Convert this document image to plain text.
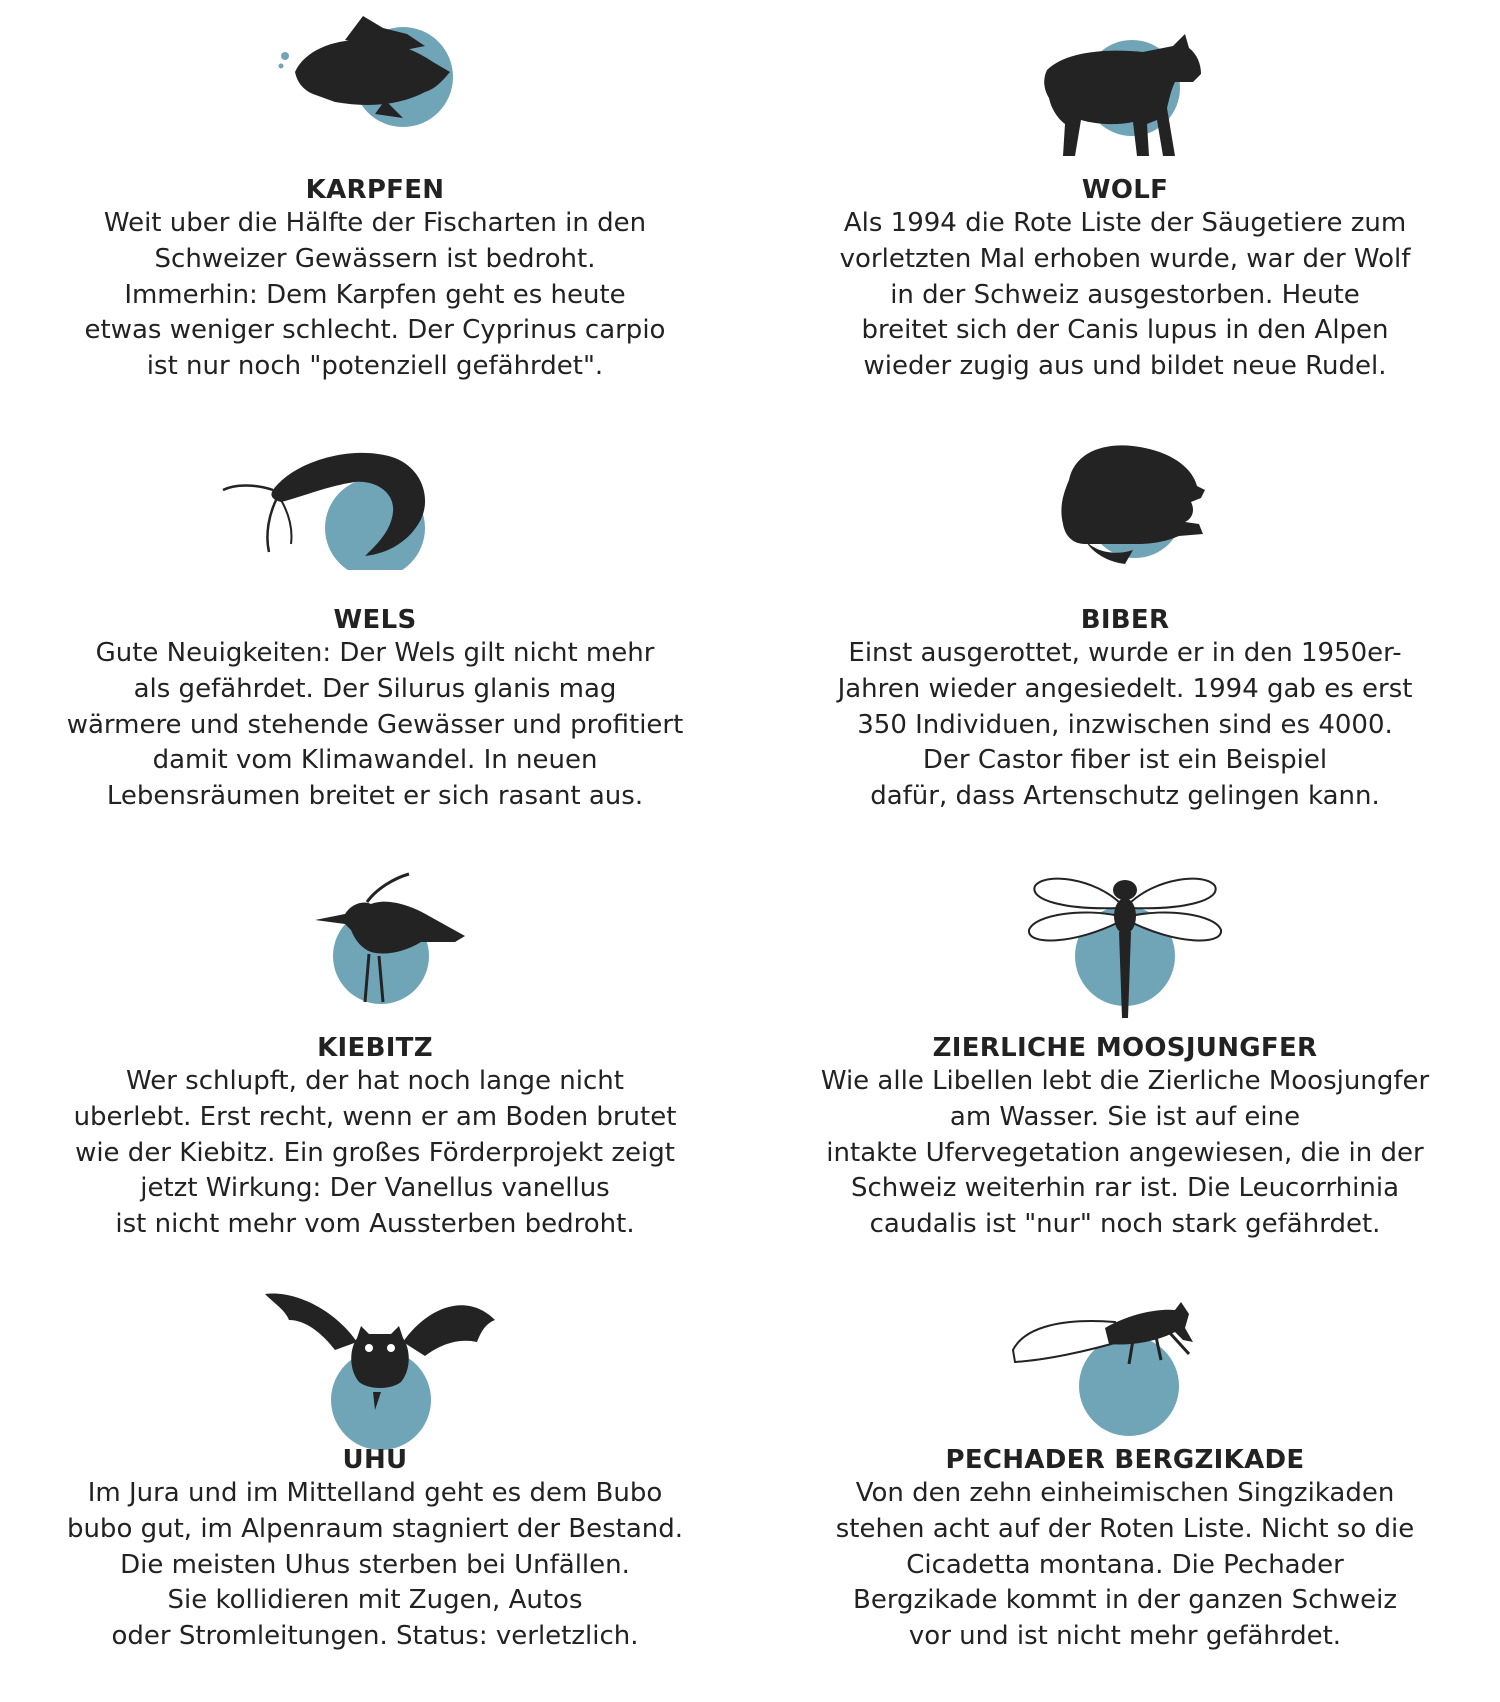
KARPFEN
Weit uber die Hälfte der Fischarten in den
Schweizer Gewässern ist bedroht.
Immerhin: Dem Karpfen geht es heute
etwas weniger schlecht. Der Cyprinus carpio
ist nur noch "potenziell gefährdet".
WOLF
Als 1994 die Rote Liste der Säugetiere zum
vorletzten Mal erhoben wurde, war der Wolf
in der Schweiz ausgestorben. Heute
breitet sich der Canis lupus in den Alpen
wieder zugig aus und bildet neue Rudel.
WELS
Gute Neuigkeiten: Der Wels gilt nicht mehr
als gefährdet. Der Silurus glanis mag
wärmere und stehende Gewässer und profitiert
damit vom Klimawandel. In neuen
Lebensräumen breitet er sich rasant aus.
BIBER
Einst ausgerottet, wurde er in den 1950er-
Jahren wieder angesiedelt. 1994 gab es erst
350 Individuen, inzwischen sind es 4000.
Der Castor fiber ist ein Beispiel
dafür, dass Artenschutz gelingen kann.
KIEBITZ
Wer schlupft, der hat noch lange nicht
uberlebt. Erst recht, wenn er am Boden brutet
wie der Kiebitz. Ein großes Förderprojekt zeigt
jetzt Wirkung: Der Vanellus vanellus
ist nicht mehr vom Aussterben bedroht.
ZIERLICHE MOOSJUNGFER
Wie alle Libellen lebt die Zierliche Moosjungfer
am Wasser. Sie ist auf eine
intakte Ufervegetation angewiesen, die in der
Schweiz weiterhin rar ist. Die Leucorrhinia
caudalis ist "nur" noch stark gefährdet.
UHU
Im Jura und im Mittelland geht es dem Bubo
bubo gut, im Alpenraum stagniert der Bestand.
Die meisten Uhus sterben bei Unfällen.
Sie kollidieren mit Zugen, Autos
oder Stromleitungen. Status: verletzlich.
PECHADER BERGZIKADE
Von den zehn einheimischen Singzikaden
stehen acht auf der Roten Liste. Nicht so die
Cicadetta montana. Die Pechader
Bergzikade kommt in der ganzen Schweiz
vor und ist nicht mehr gefährdet.
